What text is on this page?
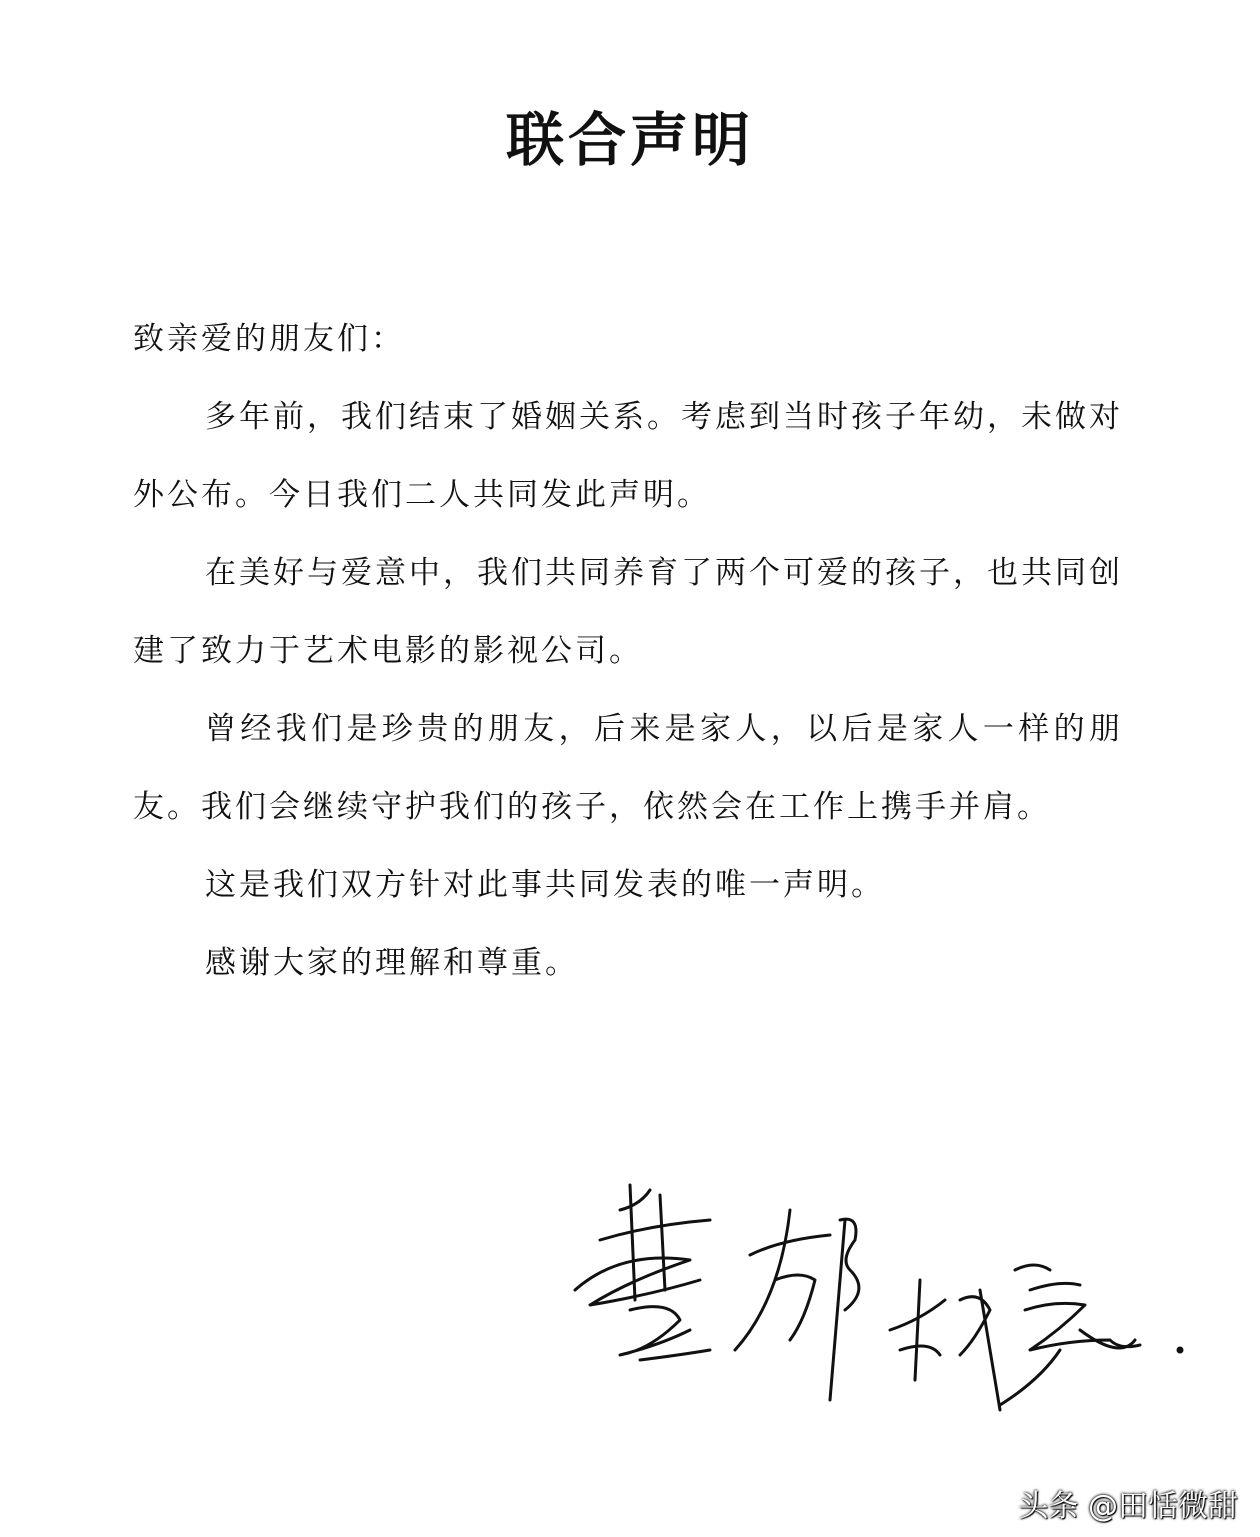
联合声明

致亲爱的朋友们：

多年前，我们结束了婚姻关系。考虑到当时孩子年幼，未做对外公布。今日我们二人共同发此声明。

在美好与爱意中，我们共同养育了两个可爱的孩子，也共同创建了致力于艺术电影的影视公司。

曾经我们是珍贵的朋友，后来是家人，以后是家人一样的朋友。我们会继续守护我们的孩子，依然会在工作上携手并肩。

这是我们双方针对此事共同发表的唯一声明。

感谢大家的理解和尊重。

头条 @田恬微甜
